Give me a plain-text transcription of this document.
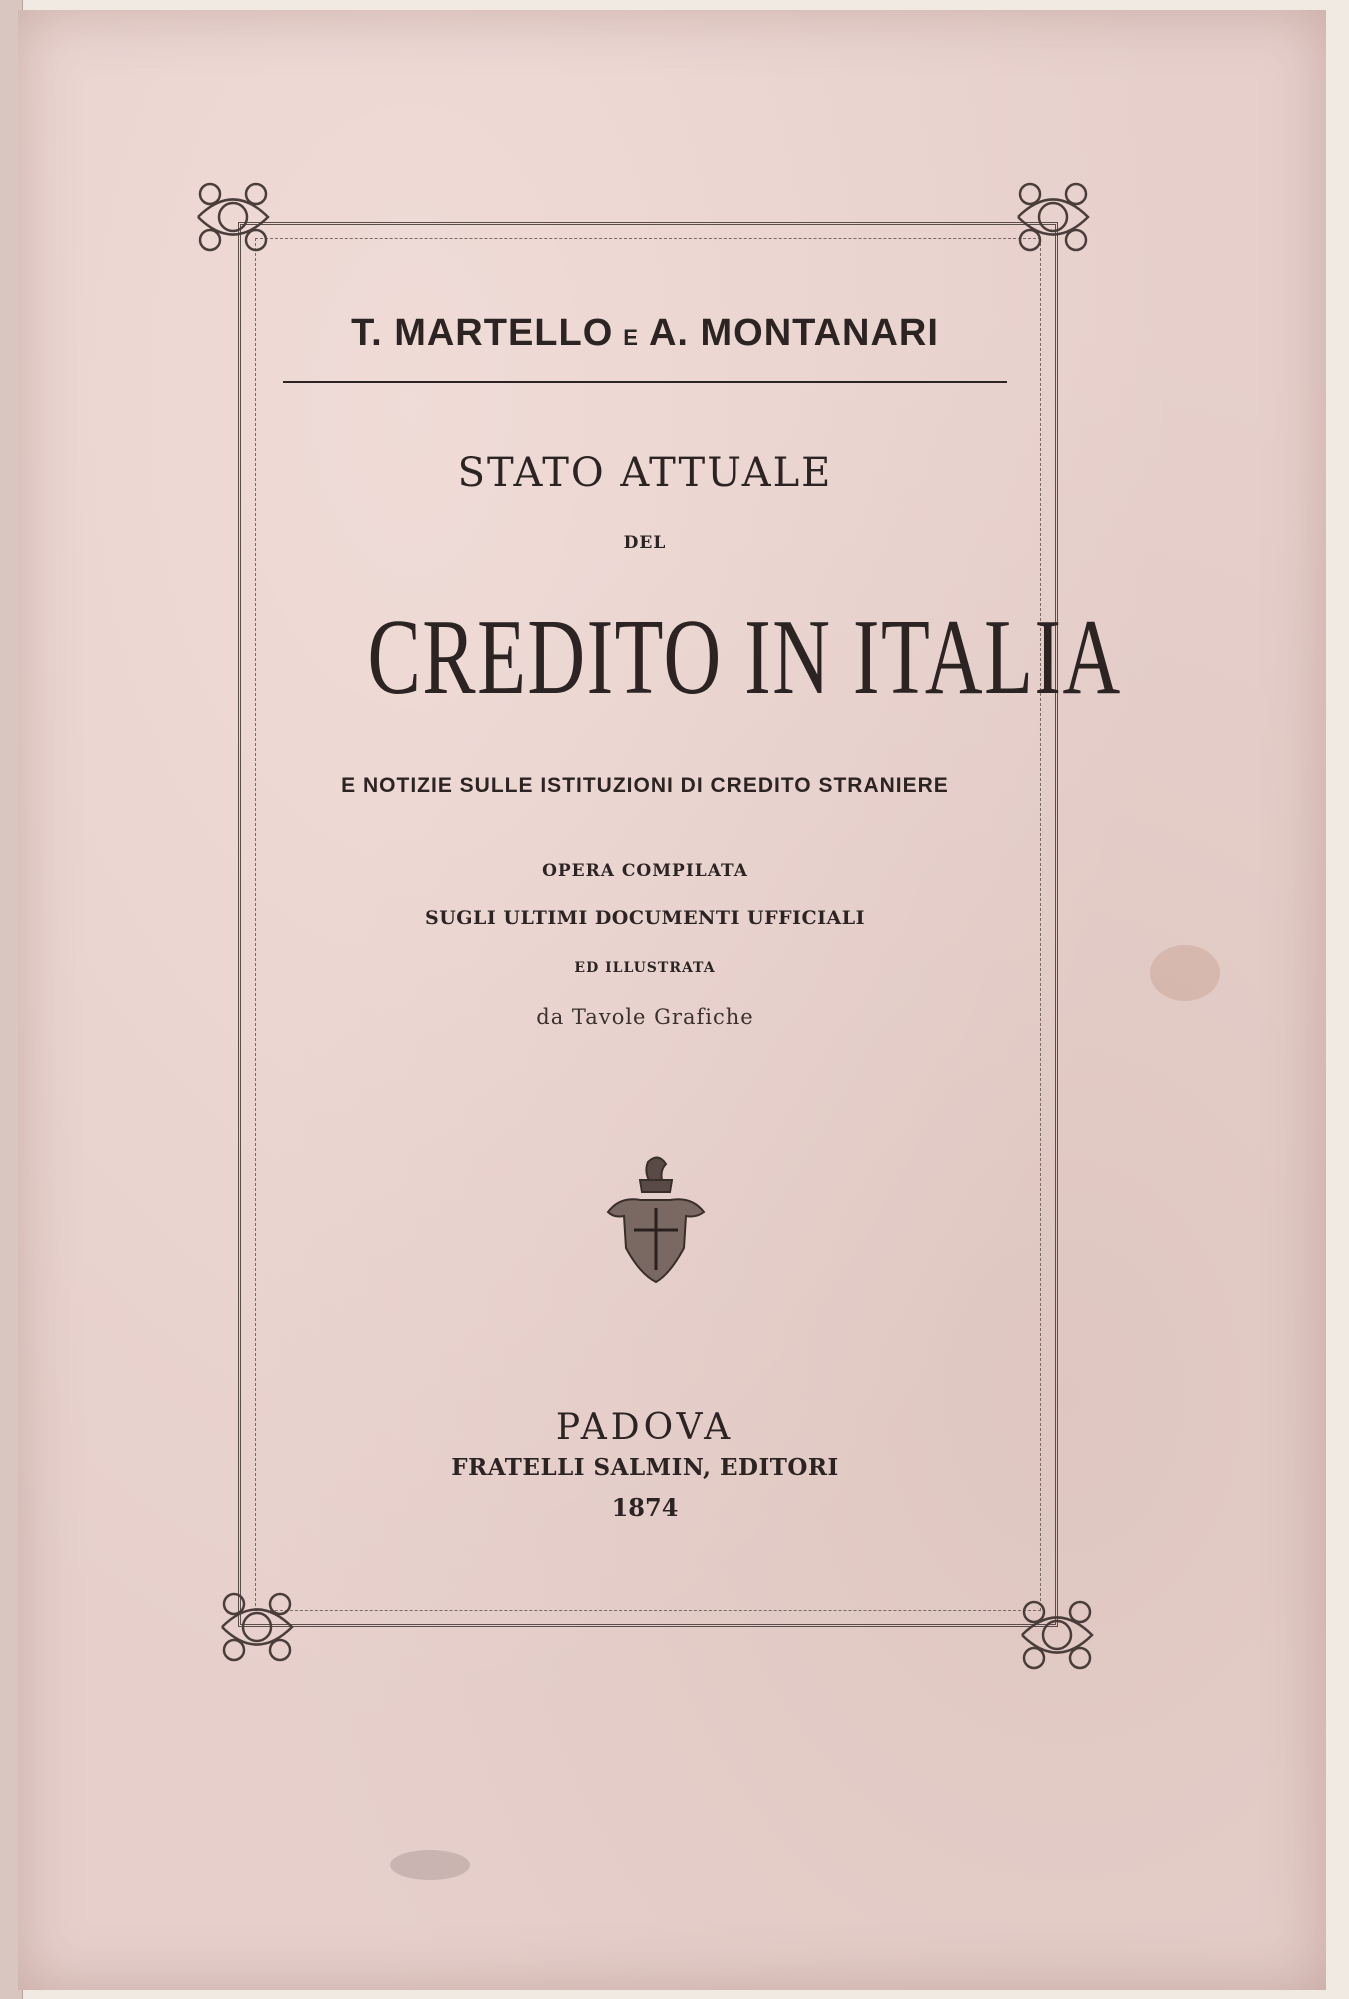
T. MARTELLO E A. MONTANARI
STATO ATTUALE
DEL
CREDITO IN ITALIA
E NOTIZIE SULLE ISTITUZIONI DI CREDITO STRANIERE
OPERA COMPILATA
SUGLI ULTIMI DOCUMENTI UFFICIALI
ED ILLUSTRATA
da Tavole Grafiche
PADOVA
FRATELLI SALMIN, EDITORI
1874
